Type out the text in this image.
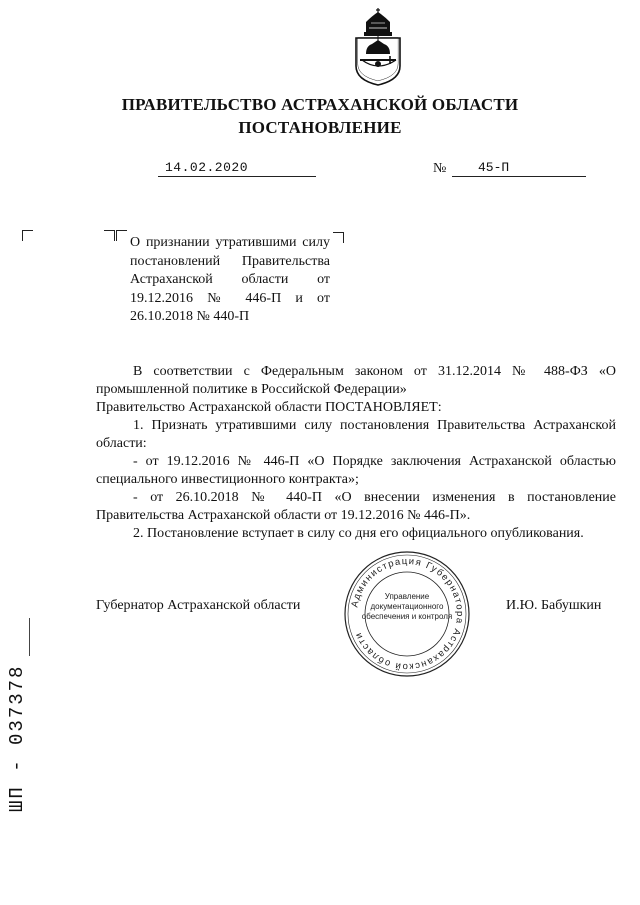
ПРАВИТЕЛЬСТВО АСТРАХАНСКОЙ ОБЛАСТИ
ПОСТАНОВЛЕНИЕ
14.02.2020	№ 45-П
О признании утратившими силу постановлений Правительства Астраханской области от 19.12.2016 № 446-П и от 26.10.2018 № 440-П

В соответствии с Федеральным законом от 31.12.2014 № 488-ФЗ «О промышленной политике в Российской Федерации»

Правительство Астраханской области ПОСТАНОВЛЯЕТ:

1. Признать утратившими силу постановления Правительства Астраханской области:

- от 19.12.2016 № 446-П «О Порядке заключения Астраханской областью специального инвестиционного контракта»;

- от 26.10.2018 № 440-П «О внесении изменения в постановление Правительства Астраханской области от 19.12.2016 № 446-П».

2. Постановление вступает в силу со дня его официального опубликования.

Губернатор Астраханской области	И.Ю. Бабушкин
Администрация Губернатора Астраханской области
Управление документационного обеспечения и контроля
ШП - 037378
